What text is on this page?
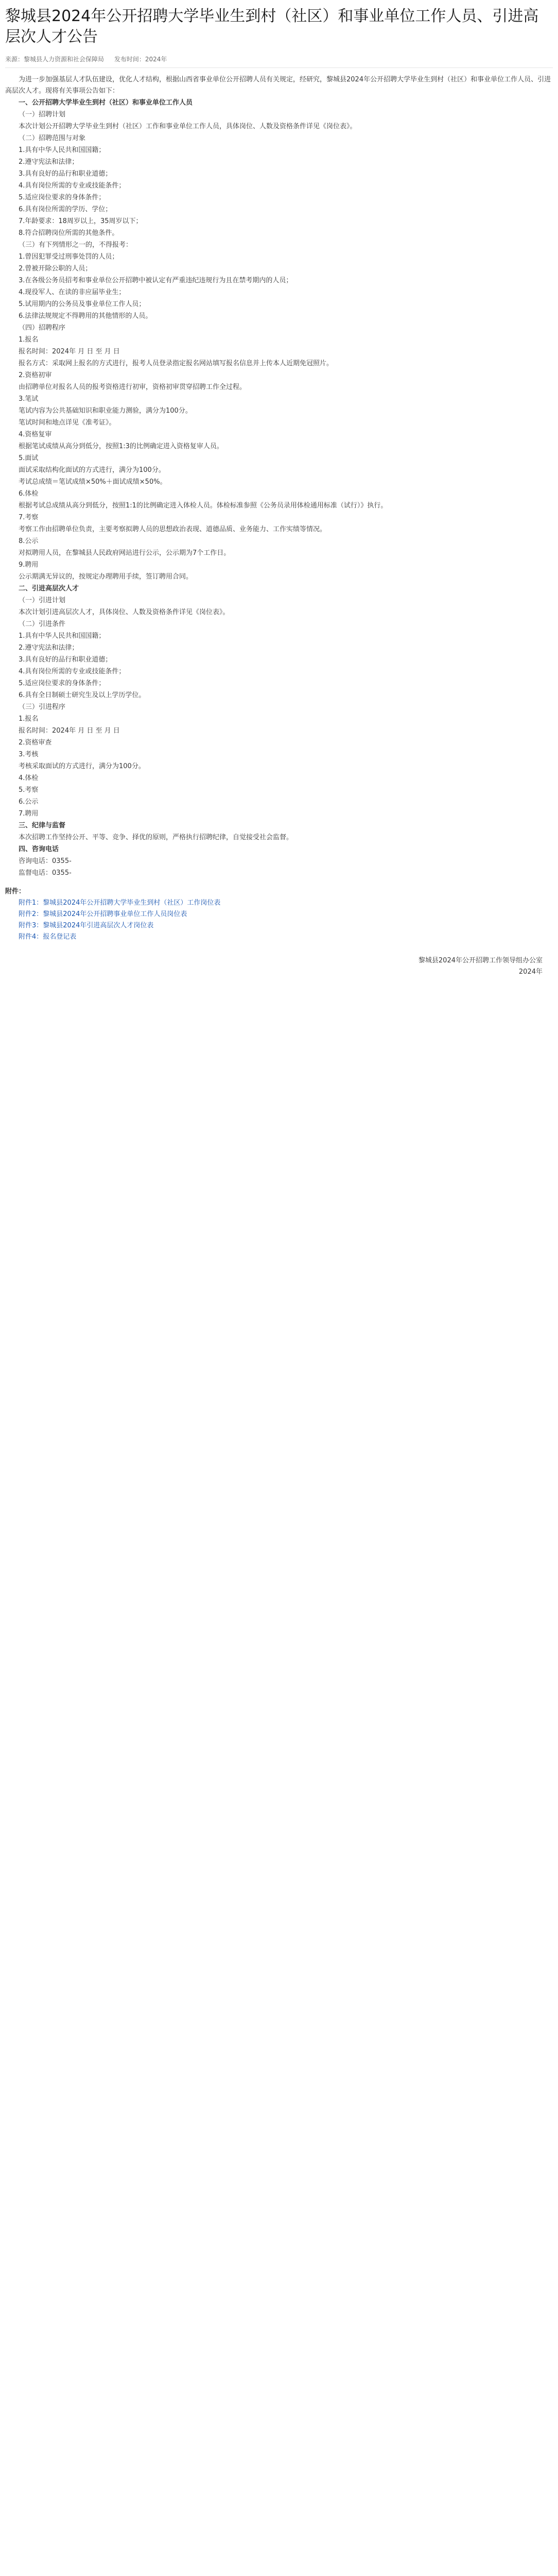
黎城县2024年公开招聘大学毕业生到村（社区）和事业单位工作人员、引进高层次人才公告
来源：黎城县人力资源和社会保障局 发布时间：2024年

为进一步加强基层人才队伍建设，优化人才结构，根据山西省事业单位公开招聘人员有关规定，经研究，黎城县2024年公开招聘大学毕业生到村（社区）和事业单位工作人员、引进高层次人才。现将有关事项公告如下：

一、公开招聘大学毕业生到村（社区）和事业单位工作人员

（一）招聘计划

本次计划公开招聘大学毕业生到村（社区）工作和事业单位工作人员，具体岗位、人数及资格条件详见《岗位表》。

（二）招聘范围与对象

1.具有中华人民共和国国籍；

2.遵守宪法和法律；

3.具有良好的品行和职业道德；

4.具有岗位所需的专业或技能条件；

5.适应岗位要求的身体条件；

6.具有岗位所需的学历、学位；

7.年龄要求：18周岁以上，35周岁以下；

8.符合招聘岗位所需的其他条件。

（三）有下列情形之一的，不得报考：

1.曾因犯罪受过刑事处罚的人员；

2.曾被开除公职的人员；

3.在各级公务员招考和事业单位公开招聘中被认定有严重违纪违规行为且在禁考期内的人员；

4.现役军人、在读的非应届毕业生；

5.试用期内的公务员及事业单位工作人员；

6.法律法规规定不得聘用的其他情形的人员。

（四）招聘程序

1.报名

报名时间：2024年 月 日 至 月 日

报名方式：采取网上报名的方式进行，报考人员登录指定报名网站填写报名信息并上传本人近期免冠照片。

2.资格初审

由招聘单位对报名人员的报考资格进行初审，资格初审贯穿招聘工作全过程。

3.笔试

笔试内容为公共基础知识和职业能力测验，满分为100分。

笔试时间和地点详见《准考证》。

4.资格复审

根据笔试成绩从高分到低分，按照1:3的比例确定进入资格复审人员。

5.面试

面试采取结构化面试的方式进行，满分为100分。

考试总成绩＝笔试成绩×50%＋面试成绩×50%。

6.体检

根据考试总成绩从高分到低分，按照1:1的比例确定进入体检人员。体检标准参照《公务员录用体检通用标准（试行）》执行。

7.考察

考察工作由招聘单位负责，主要考察拟聘人员的思想政治表现、道德品质、业务能力、工作实绩等情况。

8.公示

对拟聘用人员，在黎城县人民政府网站进行公示，公示期为7个工作日。

9.聘用

公示期满无异议的，按规定办理聘用手续，签订聘用合同。

二、引进高层次人才

（一）引进计划

本次计划引进高层次人才，具体岗位、人数及资格条件详见《岗位表》。

（二）引进条件

1.具有中华人民共和国国籍；

2.遵守宪法和法律；

3.具有良好的品行和职业道德；

4.具有岗位所需的专业或技能条件；

5.适应岗位要求的身体条件；

6.具有全日制硕士研究生及以上学历学位。

（三）引进程序

1.报名

报名时间：2024年 月 日 至 月 日

2.资格审查

3.考核

考核采取面试的方式进行，满分为100分。

4.体检

5.考察

6.公示

7.聘用

三、纪律与监督

本次招聘工作坚持公开、平等、竞争、择优的原则，严格执行招聘纪律，自觉接受社会监督。

四、咨询电话

咨询电话：0355-

监督电话：0355-

附件：
附件1：黎城县2024年公开招聘大学毕业生到村（社区）工作岗位表
附件2：黎城县2024年公开招聘事业单位工作人员岗位表
附件3：黎城县2024年引进高层次人才岗位表
附件4：报名登记表
黎城县2024年公开招聘工作领导组办公室
2024年
